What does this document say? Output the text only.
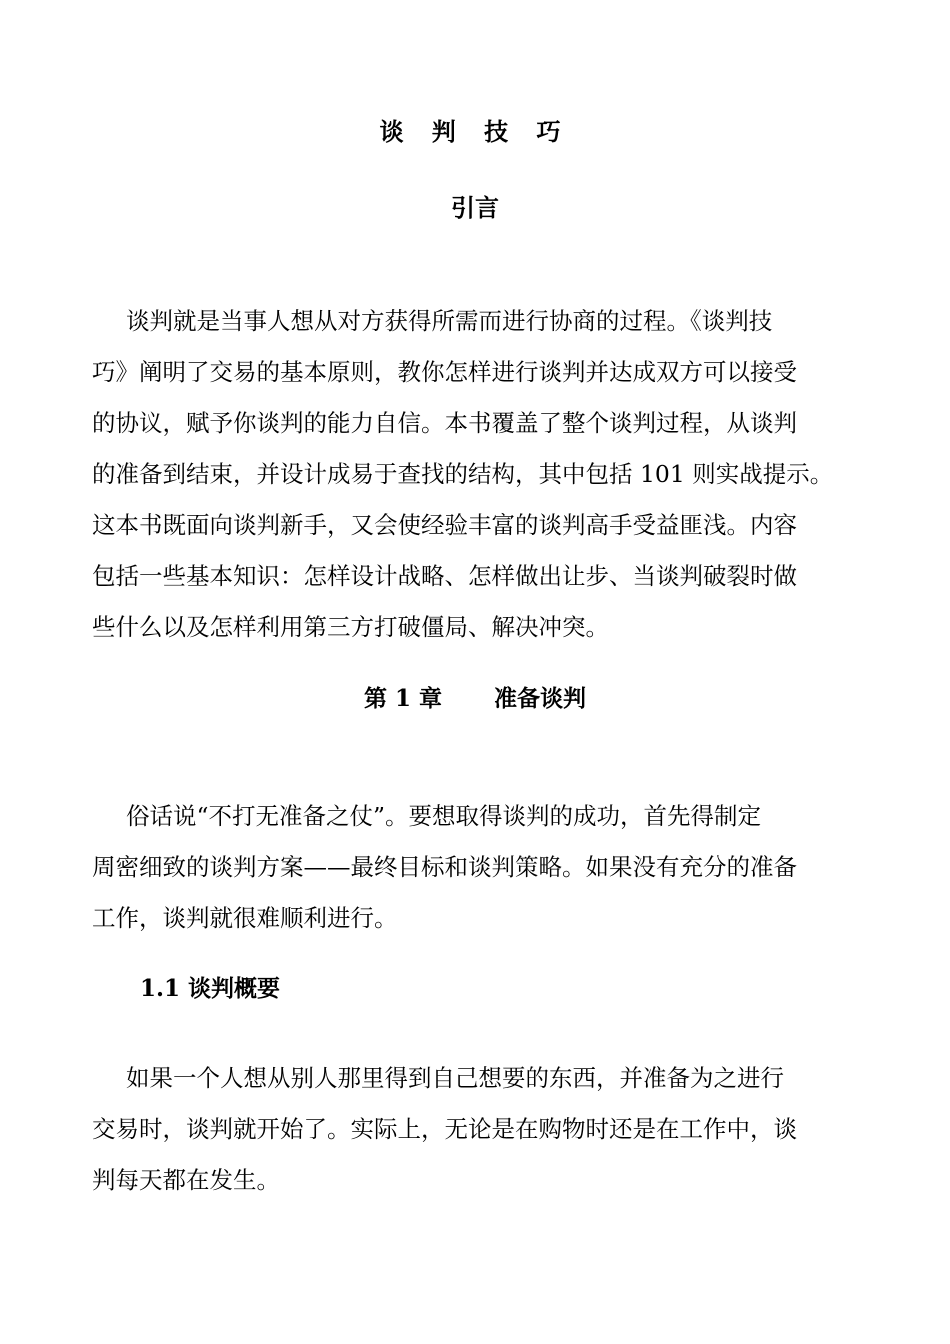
谈 判 技 巧
引言
谈判就是当事人想从对方获得所需而进行协商的过程。《谈判技
巧》阐明了交易的基本原则，教你怎样进行谈判并达成双方可以接受
的协议，赋予你谈判的能力自信。本书覆盖了整个谈判过程，从谈判
的准备到结束，并设计成易于查找的结构，其中包括 101 则实战提示。
这本书既面向谈判新手，又会使经验丰富的谈判高手受益匪浅。内容
包括一些基本知识：怎样设计战略、怎样做出让步、当谈判破裂时做
些什么以及怎样利用第三方打破僵局、解决冲突。
第 1 章 准备谈判
俗话说“不打无准备之仗”。要想取得谈判的成功，首先得制定
周密细致的谈判方案——最终目标和谈判策略。如果没有充分的准备
工作，谈判就很难顺利进行。
1.1 谈判概要
如果一个人想从别人那里得到自己想要的东西，并准备为之进行
交易时，谈判就开始了。实际上，无论是在购物时还是在工作中，谈
判每天都在发生。
